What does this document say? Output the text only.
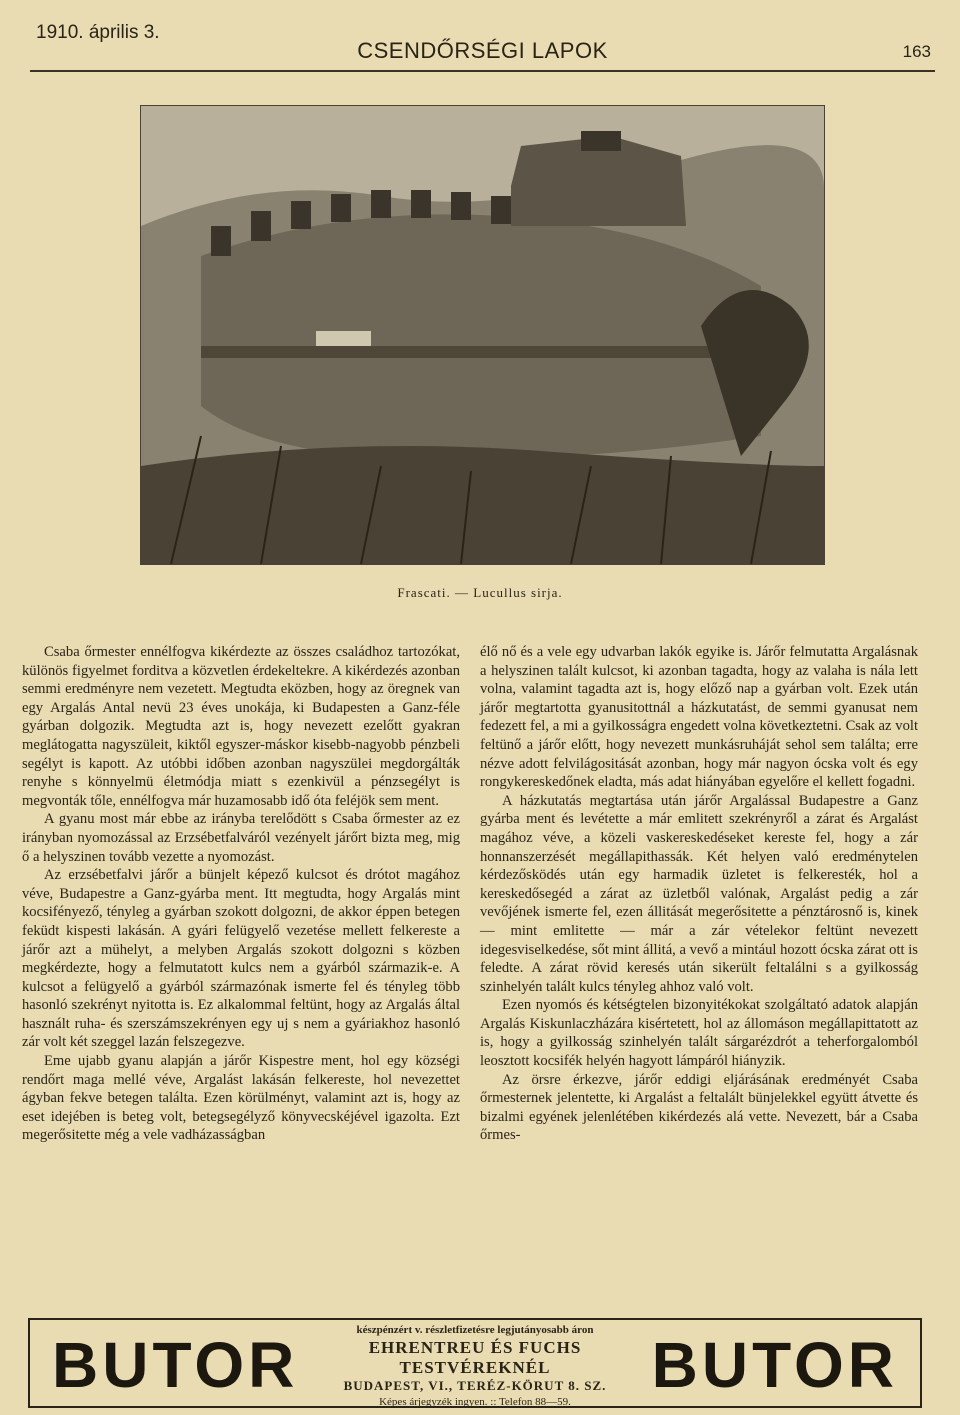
1910. április 3.
CSENDŐRSÉGI LAPOK	163
Frascati. — Lucullus sirja.

Csaba őrmester ennélfogva kikérdezte az összes családhoz tartozókat, különös figyelmet forditva a közvetlen érdekeltekre. A kikérdezés azonban semmi eredményre nem vezetett. Megtudta eközben, hogy az öregnek van egy Argalás Antal nevü 23 éves unokája, ki Budapesten a Ganz-féle gyárban dolgozik. Megtudta azt is, hogy nevezett ezelőtt gyakran meglátogatta nagyszüleit, kiktől egyszer-máskor kisebb-nagyobb pénzbeli segélyt is kapott. Az utóbbi időben azonban nagyszülei megdorgálták renyhe s könnyelmü életmódja miatt s ezenkivül a pénzsegélyt is megvonták tőle, ennélfogva már huzamosabb idő óta feléjök sem ment.

A gyanu most már ebbe az irányba terelődött s Csaba őrmester az ez irányban nyomozással az Erzsébetfalváról vezényelt járőrt bizta meg, mig ő a helyszinen tovább vezette a nyomozást.

Az erzsébetfalvi járőr a bünjelt képező kulcsot és drótot magához véve, Budapestre a Ganz-gyárba ment. Itt megtudta, hogy Argalás mint kocsifényező, tényleg a gyárban szokott dolgozni, de akkor éppen betegen feküdt kispesti lakásán. A gyári felügyelő vezetése mellett felkereste a járőr azt a mühelyt, a melyben Argalás szokott dolgozni s közben megkérdezte, hogy a felmutatott kulcs nem a gyárból származik-e. A kulcsot a felügyelő a gyárból származónak ismerte fel és tényleg több hasonló szekrényt nyitotta is. Ez alkalommal feltünt, hogy az Argalás által használt ruha- és szerszámszekrényen egy uj s nem a gyáriakhoz hasonló zár volt két szeggel lazán felszegezve.

Eme ujabb gyanu alapján a járőr Kispestre ment, hol egy községi rendőrt maga mellé véve, Argalást lakásán felkereste, hol nevezettet ágyban fekve betegen találta. Ezen körülményt, valamint azt is, hogy az eset idejében is beteg volt, betegsegélyző könyvecskéjével igazolta. Ezt megerősitette még a vele vadházasságban

élő nő és a vele egy udvarban lakók egyike is. Járőr felmutatta Argalásnak a helyszinen talált kulcsot, ki azonban tagadta, hogy az valaha is nála lett volna, valamint tagadta azt is, hogy előző nap a gyárban volt. Ezek után járőr megtartotta gyanusitottnál a házkutatást, de semmi gyanusat nem fedezett fel, a mi a gyilkosságra engedett volna következtetni. Csak az volt feltünő a járőr előtt, hogy nevezett munkásruháját sehol sem találta; erre nézve adott felvilágositását azonban, hogy már nagyon ócska volt és egy rongykereskedőnek eladta, más adat hiányában egyelőre el kellett fogadni.

A házkutatás megtartása után járőr Argalással Budapestre a Ganz gyárba ment és levétette a már emlitett szekrényről a zárat és Argalást magához véve, a közeli vaskereskedéseket kereste fel, hogy a zár honnanszerzését megállapithassák. Két helyen való eredménytelen kérdezősködés után egy harmadik üzletet is felkeresték, hol a kereskedősegéd a zárat az üzletből valónak, Argalást pedig a zár vevőjének ismerte fel, ezen állitását megerősitette a pénztárosnő is, kinek — mint emlitette — már a zár vételekor feltünt nevezett idegesviselkedése, sőt mint állitá, a vevő a mintául hozott ócska zárat ott is feledte. A zárat rövid keresés után sikerült feltalálni s a gyilkosság szinhelyén talált kulcs tényleg ahhoz való volt.

Ezen nyomós és kétségtelen bizonyitékokat szolgáltató adatok alapján Argalás Kiskunlaczházára kisértetett, hol az állomáson megállapittatott az is, hogy a gyilkosság szinhelyén talált sárgarézdrót a teherforgalomból leosztott kocsifék helyén hagyott lámpáról hiányzik.

Az örsre érkezve, járőr eddigi eljárásának eredményét Csaba őrmesternek jelentette, ki Argalást a feltalált bünjelekkel együtt átvette és bizalmi egyének jelenlétében kikérdezés alá vette. Nevezett, bár a Csaba őrmes-

BUTOR	készpénzért v. részletfizetésre legjutányosabb áron
EHRENTREU ÉS FUCHS TESTVÉREKNÉL
BUDAPEST, VI., TERÉZ-KÖRUT 8. SZ.
Képes árjegyzék ingyen. :: Telefon 88—59.
BUTOR
